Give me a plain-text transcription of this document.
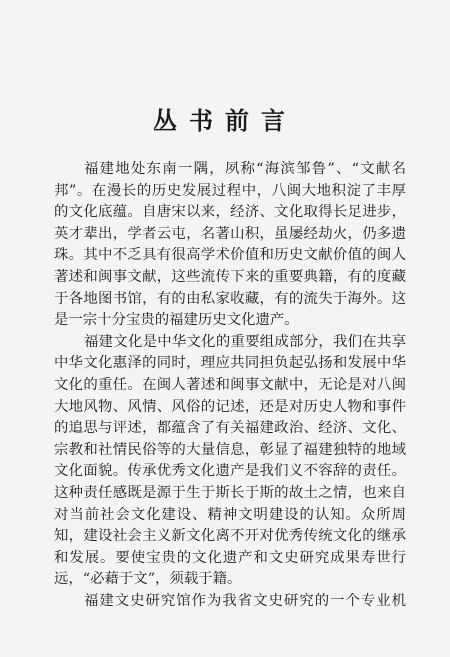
丛书前言
福建地处东南一隅，夙称“海滨邹鲁”、“文献名
邦”。在漫长的历史发展过程中，八闽大地积淀了丰厚
的文化底蕴。自唐宋以来，经济、文化取得长足进步，
英才辈出，学者云屯，名著山积，虽屡经劫火，仍多遗
珠。其中不乏具有很高学术价值和历史文献价值的闽人
著述和闽事文献，这些流传下来的重要典籍，有的度藏
于各地图书馆，有的由私家收藏，有的流失于海外。这
是一宗十分宝贵的福建历史文化遗产。
福建文化是中华文化的重要组成部分，我们在共享
中华文化惠泽的同时，理应共同担负起弘扬和发展中华
文化的重任。在闽人著述和闽事文献中，无论是对八闽
大地风物、风情、风俗的记述，还是对历史人物和事件
的追思与评述，都蕴含了有关福建政治、经济、文化、
宗教和社情民俗等的大量信息，彰显了福建独特的地域
文化面貌。传承优秀文化遗产是我们义不容辞的责任。
这种责任感既是源于生于斯长于斯的故土之情，也来自
对当前社会文化建设、精神文明建设的认知。众所周
知，建设社会主义新文化离不开对优秀传统文化的继承
和发展。要使宝贵的文化遗产和文史研究成果寿世行
远，“必藉于文”，须载于籍。
福建文史研究馆作为我省文史研究的一个专业机
